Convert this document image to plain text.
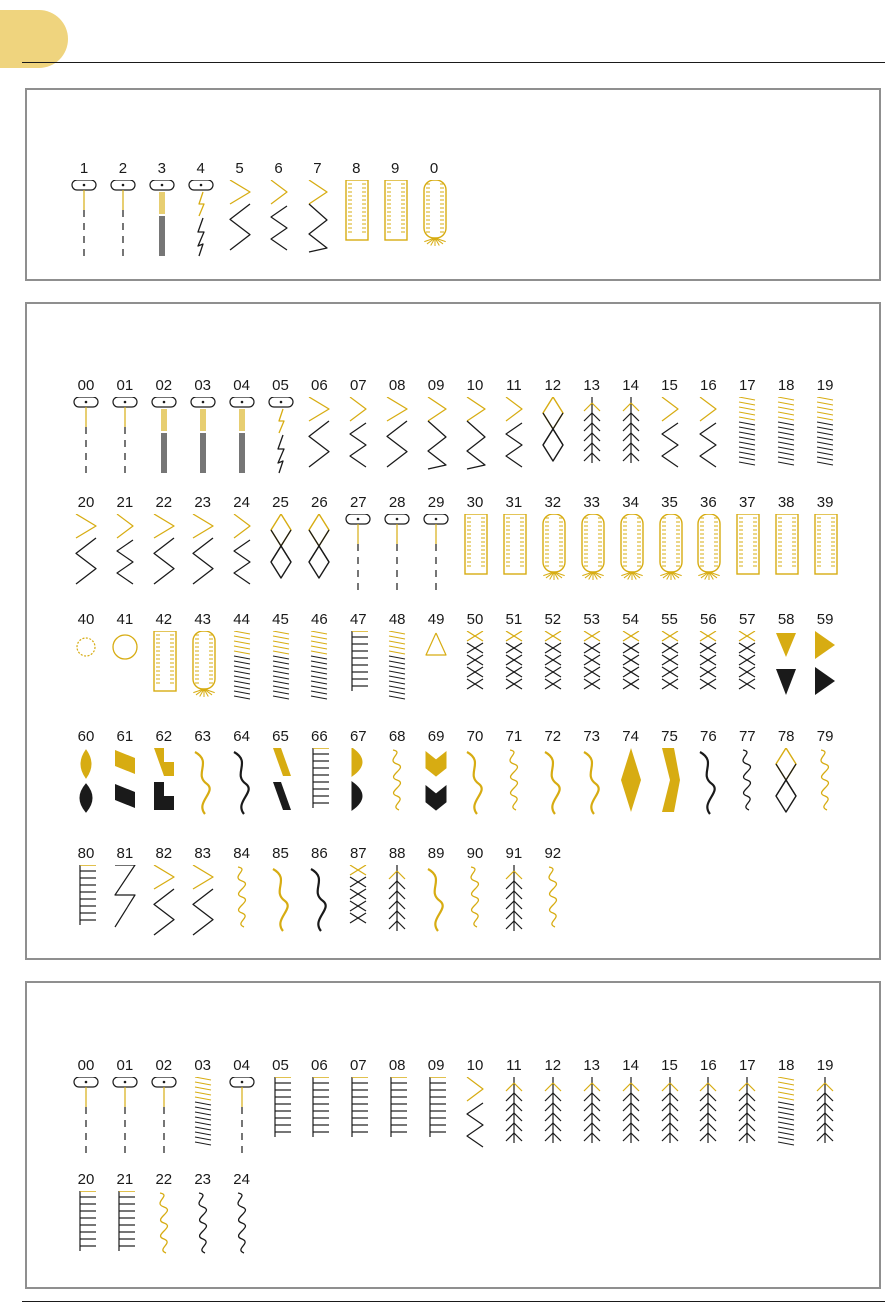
1	2	3	4	5	6	7	8	9	0
00	01	02	03	04	05	06	07	08	09	10	11	12	13	14	15	16	17	18	19
20	21	22	23	24	25	26	27	28	29	30	31	32	33	34	35	36	37	38	39
40	41	42	43	44	45	46	47	48	49	50	51	52	53	54	55	56	57	58	59
60	61	62	63	64	65	66	67	68	69	70	71	72	73	74	75	76	77	78	79
80	81	82	83	84	85	86	87	88	89	90	91	92
00	01	02	03	04	05	06	07	08	09	10	11	12	13	14	15	16	17	18	19
20	21	22	23	24
